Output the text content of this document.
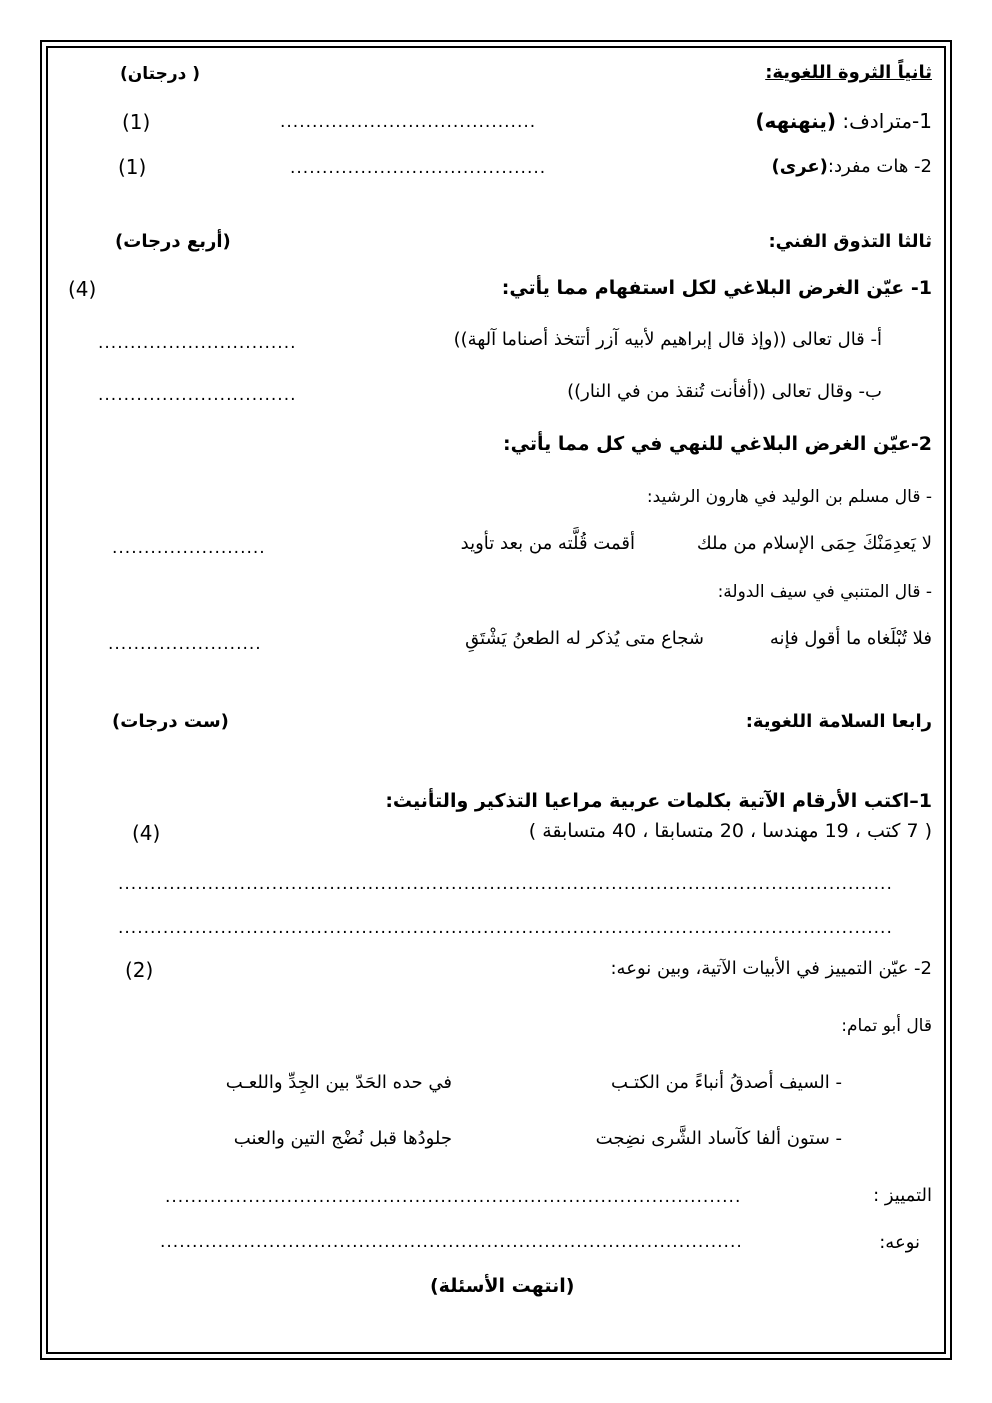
ثانياً الثروة اللغوية:
( درجتان)
1-مترادف: (ينهنهه)
........................................
(1)
2- هات مفرد:(عرى)
........................................
(1)
ثالثا التذوق الفني:
(أربع درجات)
1- عيّن الغرض البلاغي لكل استفهام مما يأتي:
(4)
أ- قال تعالى ((وإذ قال إبراهيم لأبيه آزر أتتخذ أصناما آلهة))
...............................
ب- وقال تعالى ((أفأنت تُنقذ من في النار))
...............................
2-عيّن الغرض البلاغي للنهي في كل مما يأتي:
- قال مسلم بن الوليد في هارون الرشيد:
لا يَعدِمَنْكَ حِمَى الإسلام من ملك
أقمت قُلَّته من بعد تأويد
........................
- قال المتنبي في سيف الدولة:
فلا تُبْلَغاه ما أقول فإنه
شجاع متى يُذكر له الطعنُ يَشْتَقِ
........................
رابعا السلامة اللغوية:
(ست درجات)
1–اكتب الأرقام الآتية بكلمات عربية مراعيا التذكير والتأنيث:
( 7 كتب ، 19 مهندسا ، 20 متسابقا ، 40 متسابقة )
(4)
.........................................................................................................................
.........................................................................................................................
2- عيّن التمييز في الأبيات الآتية، وبين نوعه:
(2)
قال أبو تمام:
- السيف أصدقُ أنباءً من الكتـب
في حده الحَدّ بين الجِدِّ واللعـب
- ستون ألفا كآساد الشَّرى نضِجت
جلودُها قبل نُضْج التين والعنب
التمييز :
..........................................................................................
نوعه:
...........................................................................................
(انتهت الأسئلة)
